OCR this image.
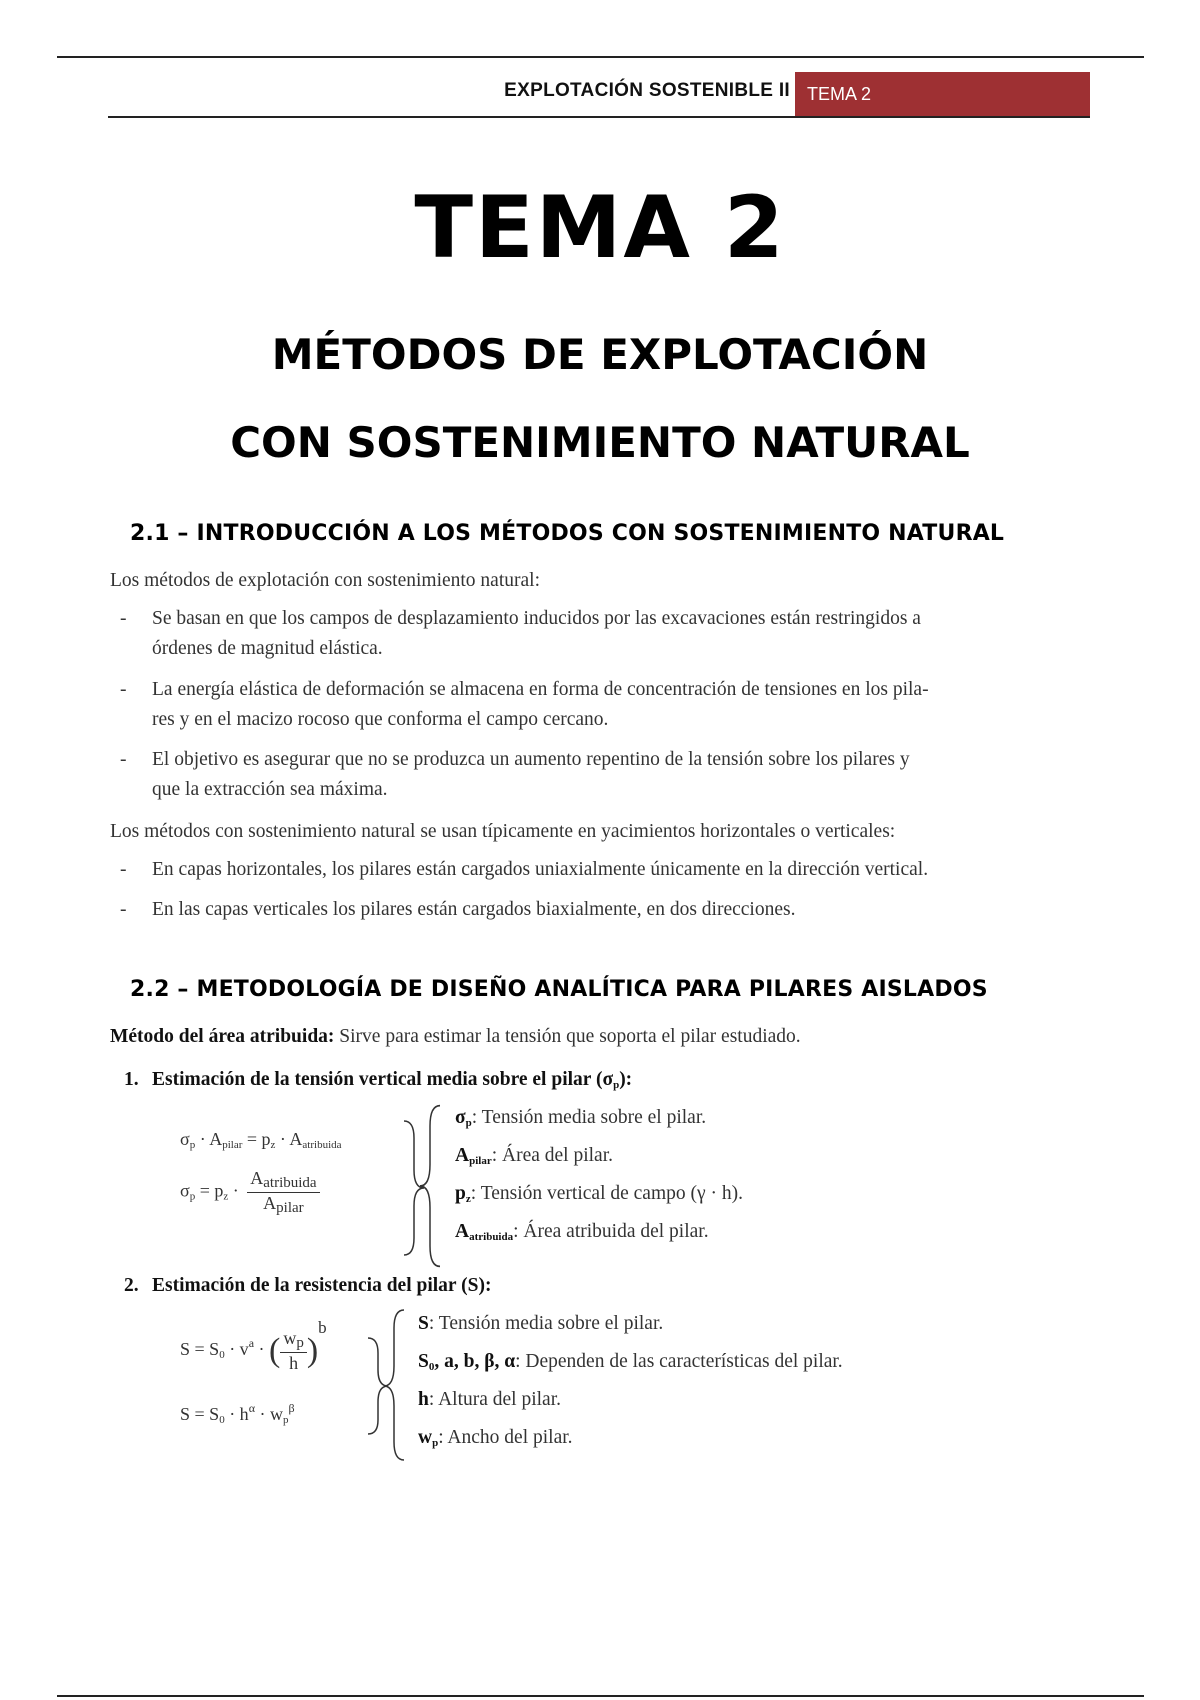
EXPLOTACIÓN SOSTENIBLE II TEMA 2
TEMA 2
MÉTODOS DE EXPLOTACIÓN
CON SOSTENIMIENTO NATURAL
2.1 – INTRODUCCIÓN A LOS MÉTODOS CON SOSTENIMIENTO NATURAL
Los métodos de explotación con sostenimiento natural:
- Se basan en que los campos de desplazamiento inducidos por las excavaciones están restringidos a
órdenes de magnitud elástica.
- La energía elástica de deformación se almacena en forma de concentración de tensiones en los pila-
res y en el macizo rocoso que conforma el campo cercano.
- El objetivo es asegurar que no se produzca un aumento repentino de la tensión sobre los pilares y
que la extracción sea máxima.
Los métodos con sostenimiento natural se usan típicamente en yacimientos horizontales o verticales:
- En capas horizontales, los pilares están cargados uniaxialmente únicamente en la dirección vertical.
- En las capas verticales los pilares están cargados biaxialmente, en dos direcciones.
2.2 – METODOLOGÍA DE DISEÑO ANALÍTICA PARA PILARES AISLADOS
Método del área atribuida: Sirve para estimar la tensión que soporta el pilar estudiado.
1. Estimación de la tensión vertical media sobre el pilar $(\sigma_p)$:
$\sigma_p \cdot A_{pilar} = p_z \cdot A_{atribuida}$
$\sigma_p = p_z \cdot \frac{A_{atribuida}}{A_{pilar}}$
$\sigma_p$: Tensión media sobre el pilar.
$A_{pilar}$: Área del pilar.
$p_z$: Tensión vertical de campo (γ · h).
$A_{atribuida}$: Área atribuida del pilar.
2. Estimación de la resistencia del pilar (S):
$S = S_0 \cdot v^a$ · ( $\frac{w_p}{h} )b$
$S = S_0 \cdot h^\alpha \cdot w_p^\beta$
S: Tensión media sobre el pilar.
$S_0$, a, b, β, α: Dependen de las características del pilar.
h: Altura del pilar.
$w_p$: Ancho del pilar.
